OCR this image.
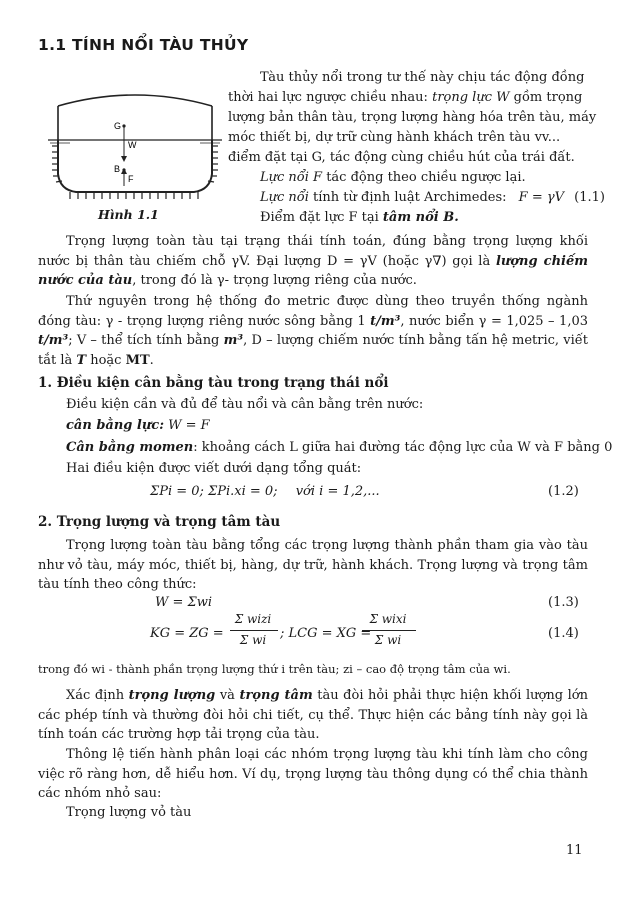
1.1 TÍNH NỔI TÀU THỦY
G
W
B
F
Hình 1.1
Tàu thủy nổi trong tư thế này chịu tác động đồng
thời hai lực ngược chiều nhau: trọng lực W gồm trọng
lượng bản thân tàu, trọng lượng hàng hóa trên tàu, máy
móc thiết bị, dự trữ cùng hành khách trên tàu vv...
điểm đặt tại G, tác động cùng chiều hút của trái đất.
Lực nổi F tác động theo chiều ngược lại.
Lực nổi tính từ định luật Archimedes: F = γV (1.1)
Điểm đặt lực F tại tâm nổi B.
Trọng lượng toàn tàu tại trạng thái tính toán, đúng bằng trọng lượng khối nước bị thân tàu chiếm chỗ γV. Đại lượng D = γV (hoặc γ∇) gọi là lượng chiếm nước của tàu, trong đó là γ- trọng lượng riêng của nước.
Thứ nguyên trong hệ thống đo metric được dùng theo truyền thống ngành đóng tàu: γ - trọng lượng riêng nước sông bằng 1 t/m³, nước biển γ = 1,025 – 1,03 t/m³; V – thể tích tính bằng m³, D – lượng chiếm nước tính bằng tấn hệ metric, viết tắt là T hoặc MT.
1. Điều kiện cân bằng tàu trong trạng thái nổi
Điều kiện cần và đủ để tàu nổi và cân bằng trên nước:
cân bằng lực: W = F
Cân bằng momen: khoảng cách L giữa hai đường tác động lực của W và F bằng 0
Hai điều kiện được viết dưới dạng tổng quát:
ΣPi = 0; ΣPi.xi = 0; với i = 1,2,...	(1.2)
2. Trọng lượng và trọng tâm tàu
Trọng lượng toàn tàu bằng tổng các trọng lượng thành phần tham gia vào tàu như vỏ tàu, máy móc, thiết bị, hàng, dự trữ, hành khách. Trọng lượng và trọng tâm tàu tính theo công thức:
W = Σwi	(1.3)
KG = ZG =
Σ wizi
Σ wi	; LCG = XG =
Σ wixi
Σ wi	(1.4)
trong đó wi - thành phần trọng lượng thứ i trên tàu; zi – cao độ trọng tâm của wi.
Xác định trọng lượng và trọng tâm tàu đòi hỏi phải thực hiện khối lượng lớn các phép tính và thường đòi hỏi chi tiết, cụ thể. Thực hiện các bảng tính này gọi là tính toán các trường hợp tải trọng của tàu.
Thông lệ tiến hành phân loại các nhóm trọng lượng tàu khi tính làm cho công việc rõ ràng hơn, dễ hiểu hơn. Ví dụ, trọng lượng tàu thông dụng có thể chia thành các nhóm nhỏ sau:
Trọng lượng vỏ tàu
11
